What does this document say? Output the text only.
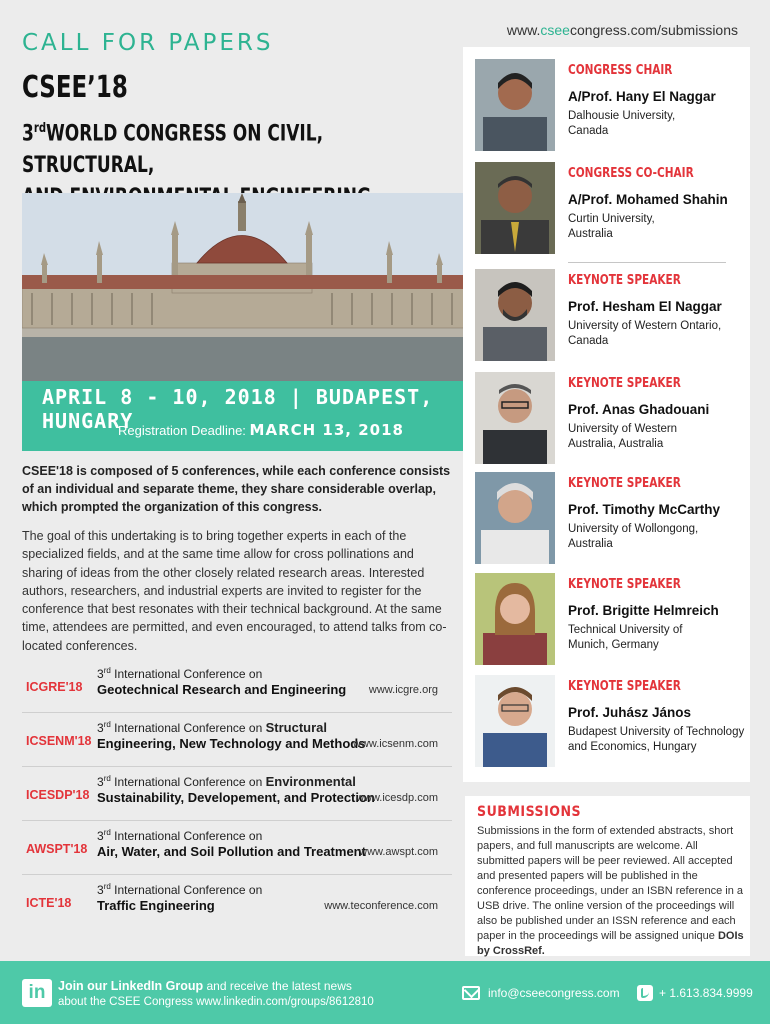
www.cseecongress.com/submissions
CALL FOR PAPERS
CSEE’18
3rdWORLD CONGRESS ON CIVIL, STRUCTURAL,

APRIL 8 - 10, 2018 | BUDAPEST, HUNGARY
Registration Deadline: MARCH 13, 2018
CSEE'18 is composed of 5 conferences, while each conference consists of an individual and separate theme, they share considerable overlap, which prompted the organization of this congress.
The goal of this undertaking is to bring together experts in each of the specialized fields, and at the same time allow for cross pollinations and sharing of ideas from the other closely related research areas. Interested authors, researchers, and industrial experts are invited to register for the conference that best resonates with their technical background. At the same time, attendees are permitted, and even encouraged, to attend talks from co-located conferences.
ICGRE'18
3rd International Conference on
Geotechnical Research and Engineering www.icgre.org
ICSENM'18
3rd International Conference on Structural
Engineering, New Technology and Methods
www.icsenm.com
ICESDP'18
3rd International Conference on Environmental
Sustainability, Developement, and Protection
www.icesdp.com
AWSPT'18
3rd International Conference on
Air, Water, and Soil Pollution and Treatment
www.awspt.com
ICTE'18
3rd International Conference on
Traffic Engineering	www.teconference.com
CONGRESS CHAIR
A/Prof. Hany El Naggar
Dalhousie University,
Canada
CONGRESS CO-CHAIR
A/Prof. Mohamed Shahin
Curtin University,
Australia
KEYNOTE SPEAKER
Prof. Hesham El Naggar
University of Western Ontario,
Canada
KEYNOTE SPEAKER
Prof. Anas Ghadouani
University of Western
Australia, Australia
KEYNOTE SPEAKER
Prof. Timothy McCarthy
University of Wollongong,
Australia
KEYNOTE SPEAKER
Prof. Brigitte Helmreich
Technical University of
Munich, Germany
KEYNOTE SPEAKER
Prof. Juhász János
Budapest University of Technology
and Economics, Hungary
SUBMISSIONS

Submissions in the form of extended abstracts, short papers, and full manuscripts are welcome. All submitted papers will be peer reviewed. All accepted and presented papers will be published in the conference proceedings, under an ISBN reference in a USB drive. The online version of the proceedings will also be published under an ISSN reference and each paper in the proceedings will be assigned unique DOIs by CrossRef.

in	Join our LinkedIn Group and receive the latest news
about the CSEE Congress www.linkedin.com/groups/8612810
info@cseecongress.com	+ 1.613.834.9999
